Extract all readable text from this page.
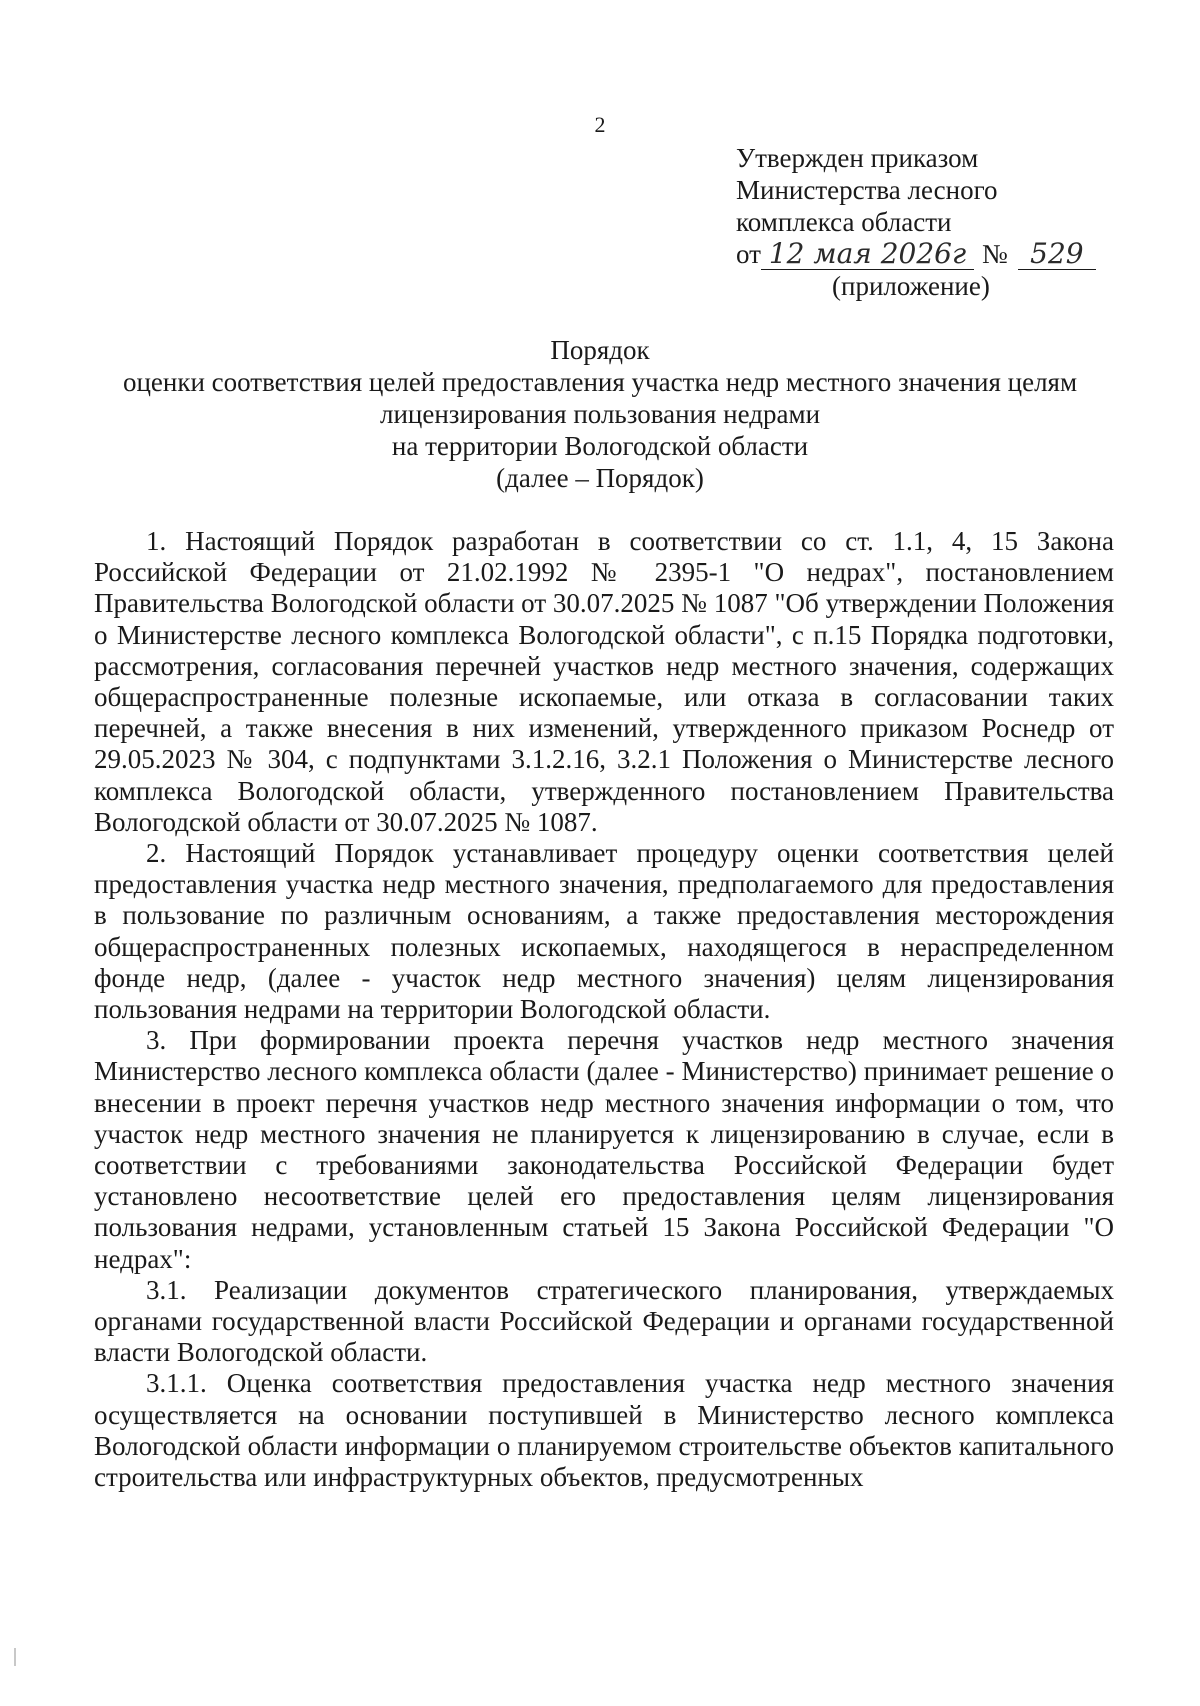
2
Утвержден приказом
Министерства лесного
комплекса области
от 12 мая 2026г № 529
(приложение)
Порядок
оценки соответствия целей предоставления участка недр местного значения целям
лицензирования пользования недрами
на территории Вологодской области
(далее – Порядок)

1. Настоящий Порядок разработан в соответствии со ст. 1.1, 4, 15 Закона Российской Федерации от 21.02.1992 № 2395-1 "О недрах", постановлением Правительства Вологодской области от 30.07.2025 № 1087 "Об утверждении Положения о Министерстве лесного комплекса Вологодской области", с п.15 Порядка подготовки, рассмотрения, согласования перечней участков недр местного значения, содержащих общераспространенные полезные ископаемые, или отказа в согласовании таких перечней, а также внесения в них изменений, утвержденного приказом Роснедр от 29.05.2023 № 304, с подпунктами 3.1.2.16, 3.2.1 Положения о Министерстве лесного комплекса Вологодской области, утвержденного постановлением Правительства Вологодской области от 30.07.2025 № 1087.

2. Настоящий Порядок устанавливает процедуру оценки соответствия целей предоставления участка недр местного значения, предполагаемого для предоставления в пользование по различным основаниям, а также предоставления месторождения общераспространенных полезных ископаемых, находящегося в нераспределенном фонде недр, (далее - участок недр местного значения) целям лицензирования пользования недрами на территории Вологодской области.

3. При формировании проекта перечня участков недр местного значения Министерство лесного комплекса области (далее - Министерство) принимает решение о внесении в проект перечня участков недр местного значения информации о том, что участок недр местного значения не планируется к лицензированию в случае, если в соответствии с требованиями законодательства Российской Федерации будет установлено несоответствие целей его предоставления целям лицензирования пользования недрами, установленным статьей 15 Закона Российской Федерации "О недрах":

3.1. Реализации документов стратегического планирования, утверждаемых органами государственной власти Российской Федерации и органами государственной власти Вологодской области.

3.1.1. Оценка соответствия предоставления участка недр местного значения осуществляется на основании поступившей в Министерство лесного комплекса Вологодской области информации о планируемом строительстве объектов капитального строительства или инфраструктурных объектов, предусмотренных
